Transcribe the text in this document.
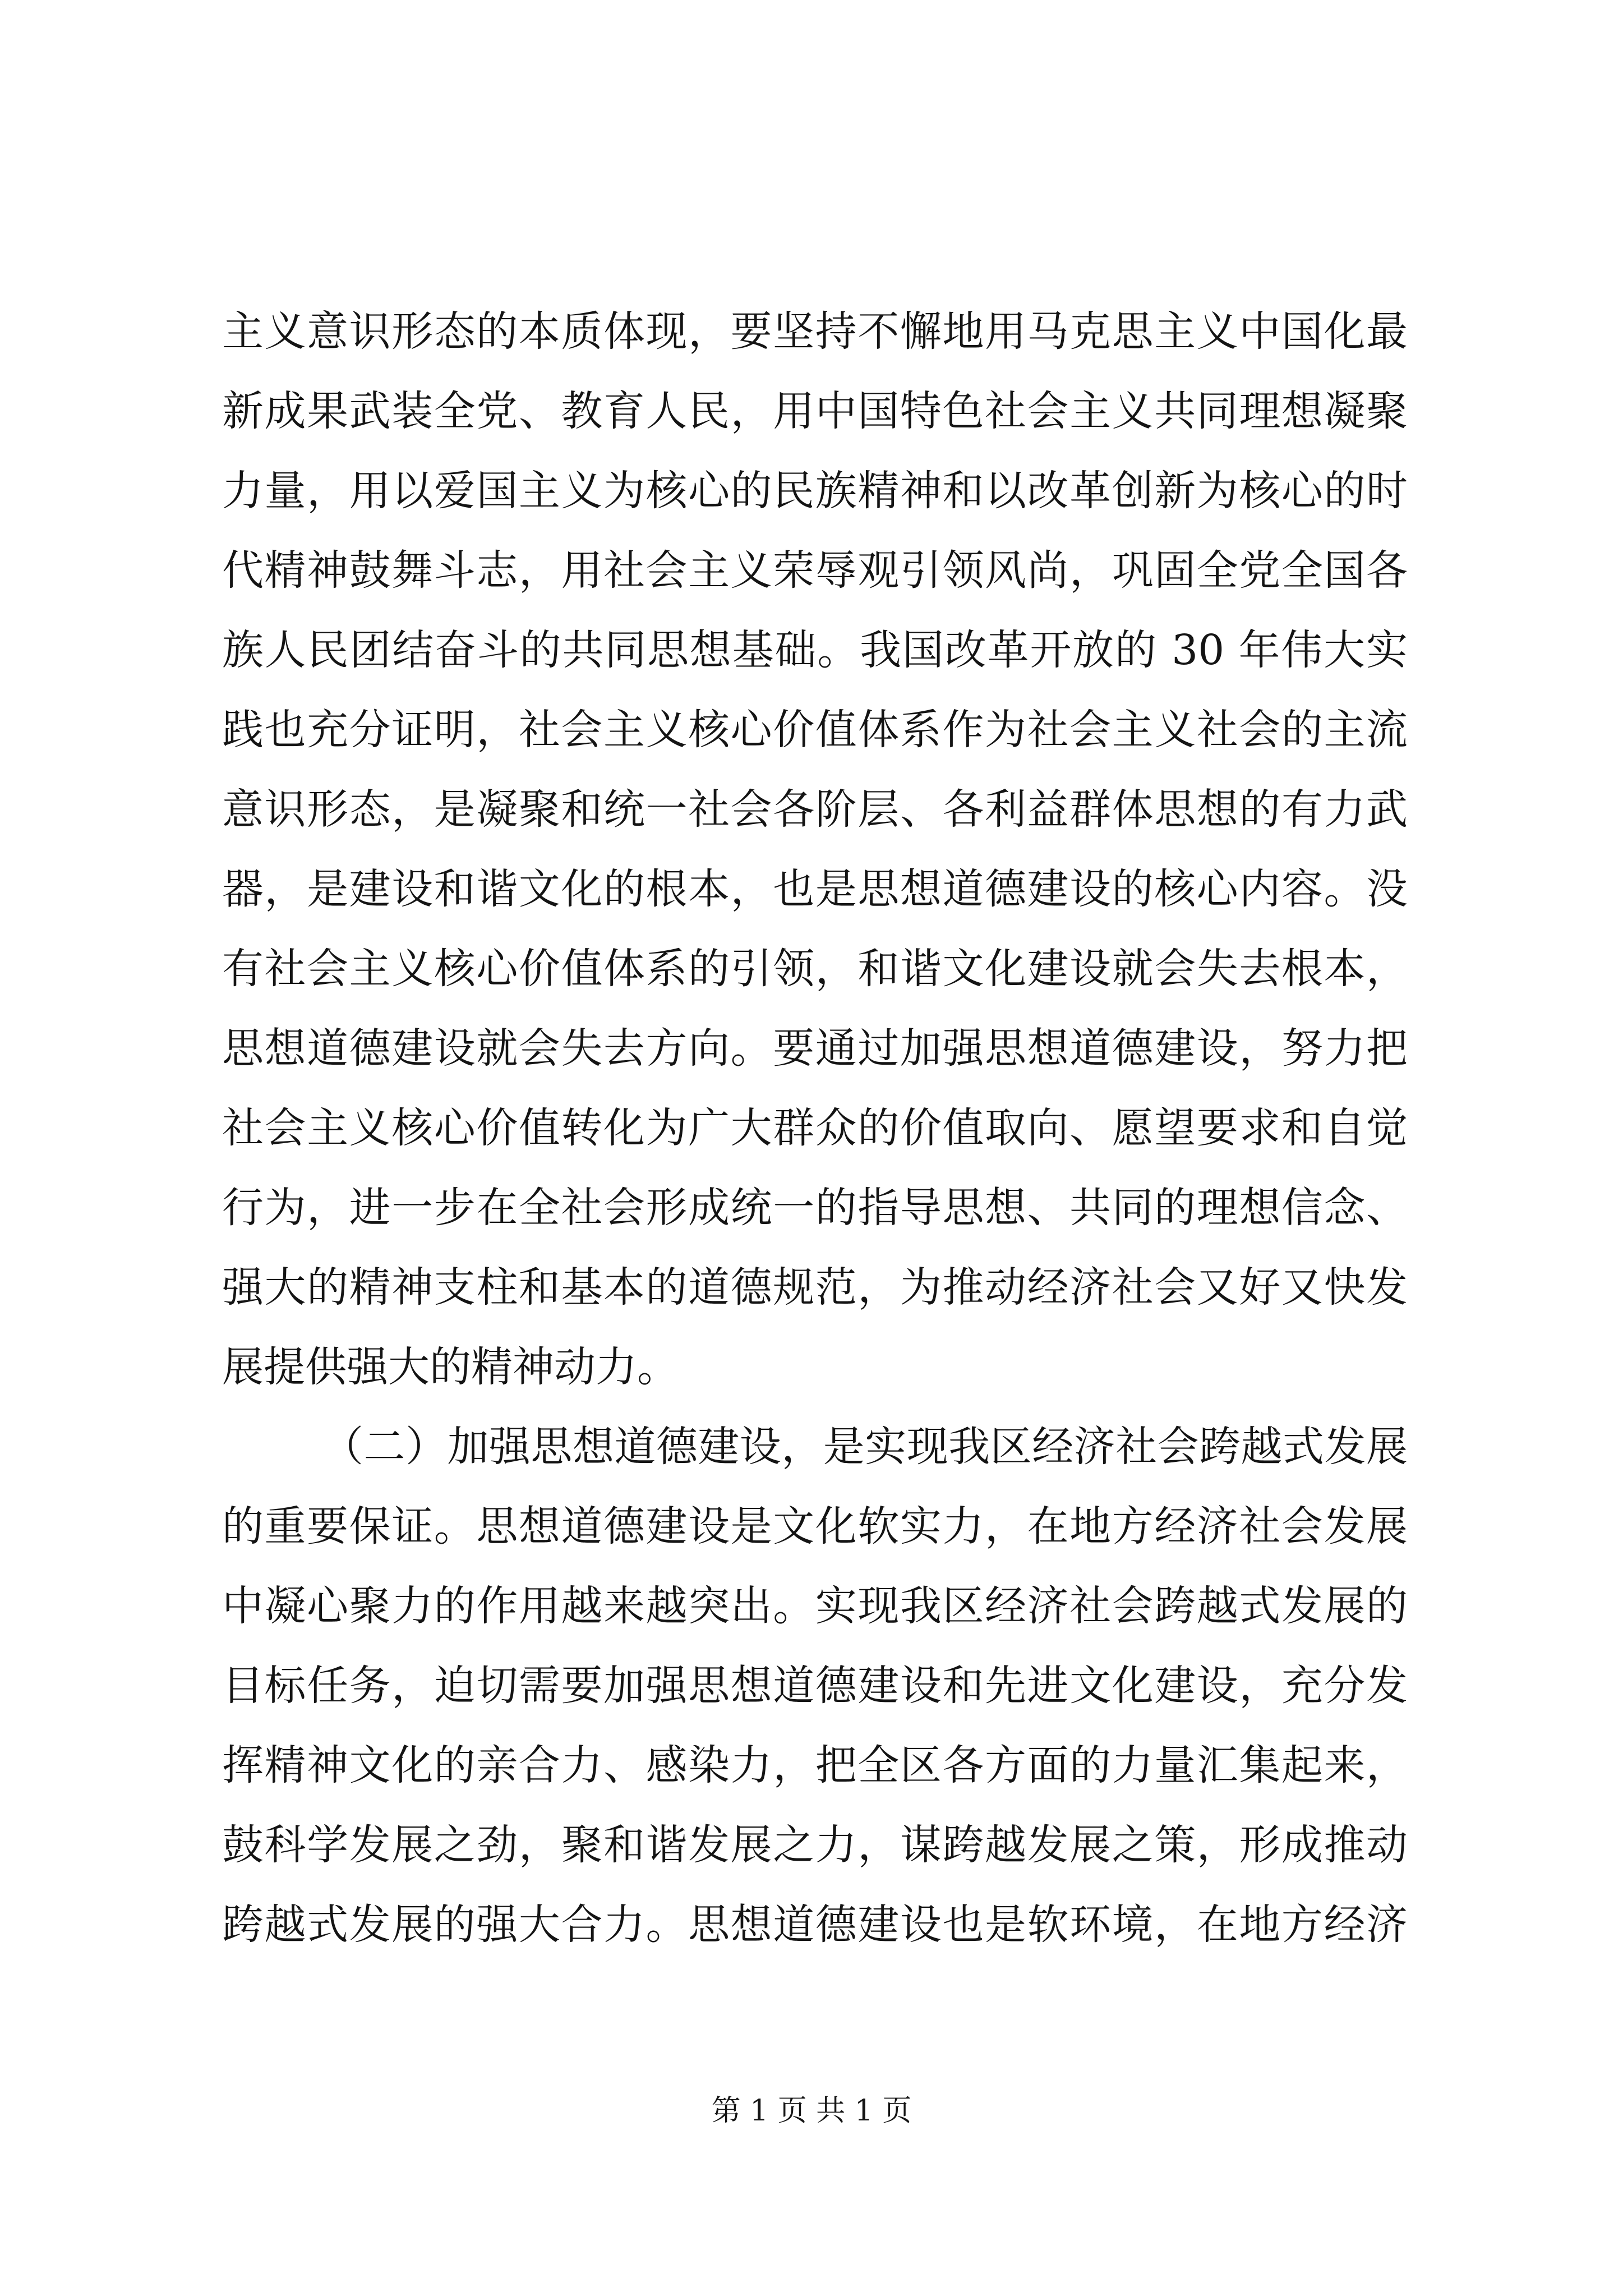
主义意识形态的本质体现，要坚持不懈地用马克思主义中国化最
新成果武装全党、教育人民，用中国特色社会主义共同理想凝聚
力量，用以爱国主义为核心的民族精神和以改革创新为核心的时
代精神鼓舞斗志，用社会主义荣辱观引领风尚，巩固全党全国各
族人民团结奋斗的共同思想基础。我国改革开放的 30 年伟大实
践也充分证明，社会主义核心价值体系作为社会主义社会的主流
意识形态，是凝聚和统一社会各阶层、各利益群体思想的有力武
器，是建设和谐文化的根本，也是思想道德建设的核心内容。没
有社会主义核心价值体系的引领，和谐文化建设就会失去根本，
思想道德建设就会失去方向。要通过加强思想道德建设，努力把
社会主义核心价值转化为广大群众的价值取向、愿望要求和自觉
行为，进一步在全社会形成统一的指导思想、共同的理想信念、
强大的精神支柱和基本的道德规范，为推动经济社会又好又快发
展提供强大的精神动力。
（二）加强思想道德建设，是实现我区经济社会跨越式发展
的重要保证。思想道德建设是文化软实力，在地方经济社会发展
中凝心聚力的作用越来越突出。实现我区经济社会跨越式发展的
目标任务，迫切需要加强思想道德建设和先进文化建设，充分发
挥精神文化的亲合力、感染力，把全区各方面的力量汇集起来，
鼓科学发展之劲，聚和谐发展之力，谋跨越发展之策，形成推动
跨越式发展的强大合力。思想道德建设也是软环境，在地方经济
第 1 页 共 1 页
